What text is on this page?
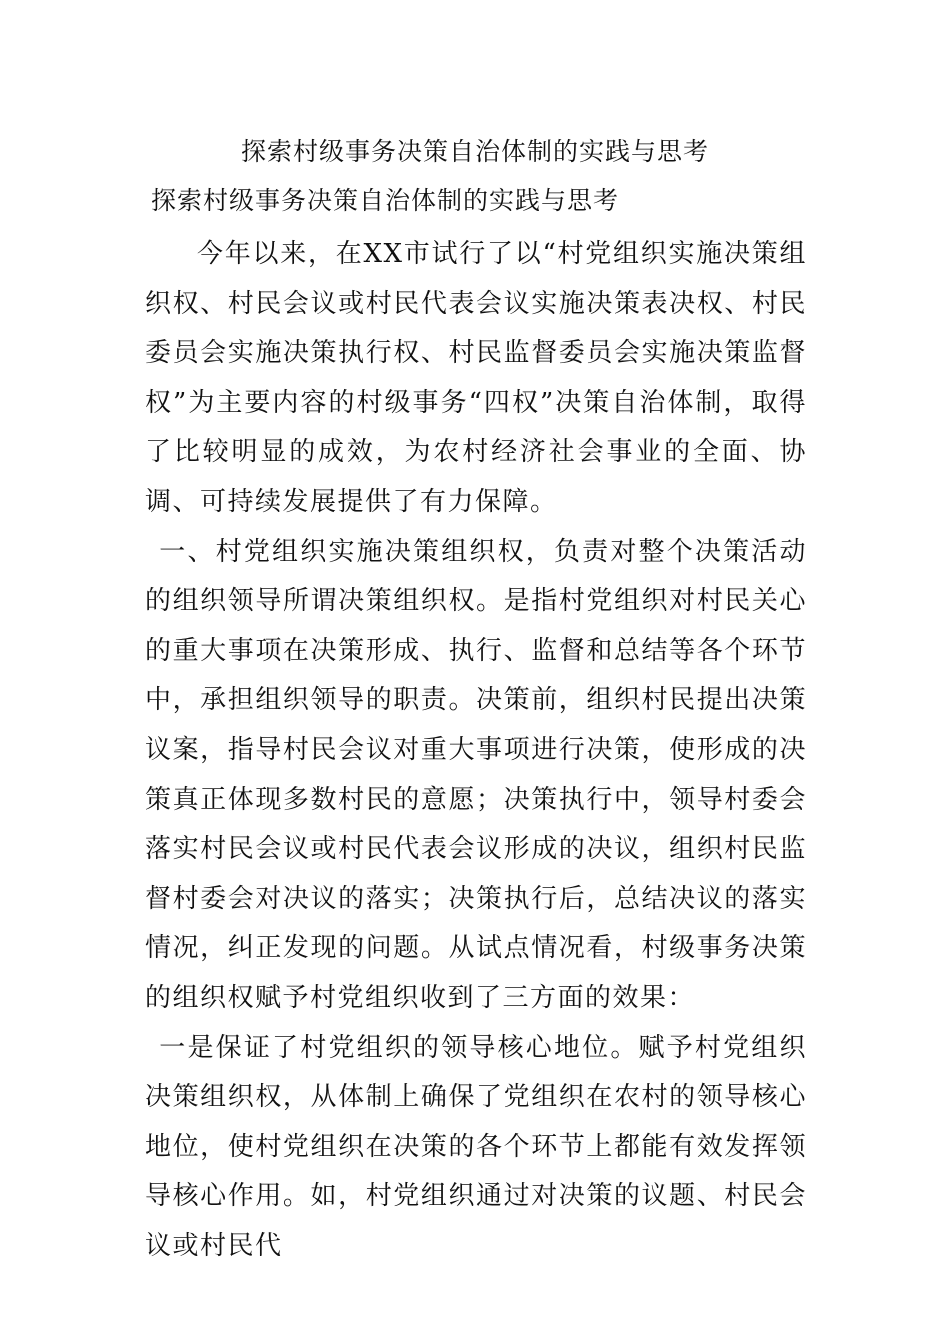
探索村级事务决策自治体制的实践与思考
探索村级事务决策自治体制的实践与思考

今年以来，在XX市试行了以“村党组织实施决策组织权、村民会议或村民代表会议实施决策表决权、村民委员会实施决策执行权、村民监督委员会实施决策监督权”为主要内容的村级事务“四权”决策自治体制，取得了比较明显的成效，为农村经济社会事业的全面、协调、可持续发展提供了有力保障。

一、村党组织实施决策组织权，负责对整个决策活动的组织领导所谓决策组织权。是指村党组织对村民关心的重大事项在决策形成、执行、监督和总结等各个环节中，承担组织领导的职责。决策前，组织村民提出决策议案，指导村民会议对重大事项进行决策，使形成的决策真正体现多数村民的意愿；决策执行中，领导村委会落实村民会议或村民代表会议形成的决议，组织村民监督村委会对决议的落实；决策执行后，总结决议的落实情况，纠正发现的问题。从试点情况看，村级事务决策的组织权赋予村党组织收到了三方面的效果：

一是保证了村党组织的领导核心地位。赋予村党组织决策组织权，从体制上确保了党组织在农村的领导核心地位，使村党组织在决策的各个环节上都能有效发挥领导核心作用。如，村党组织通过对决策的议题、村民会议或村民代
